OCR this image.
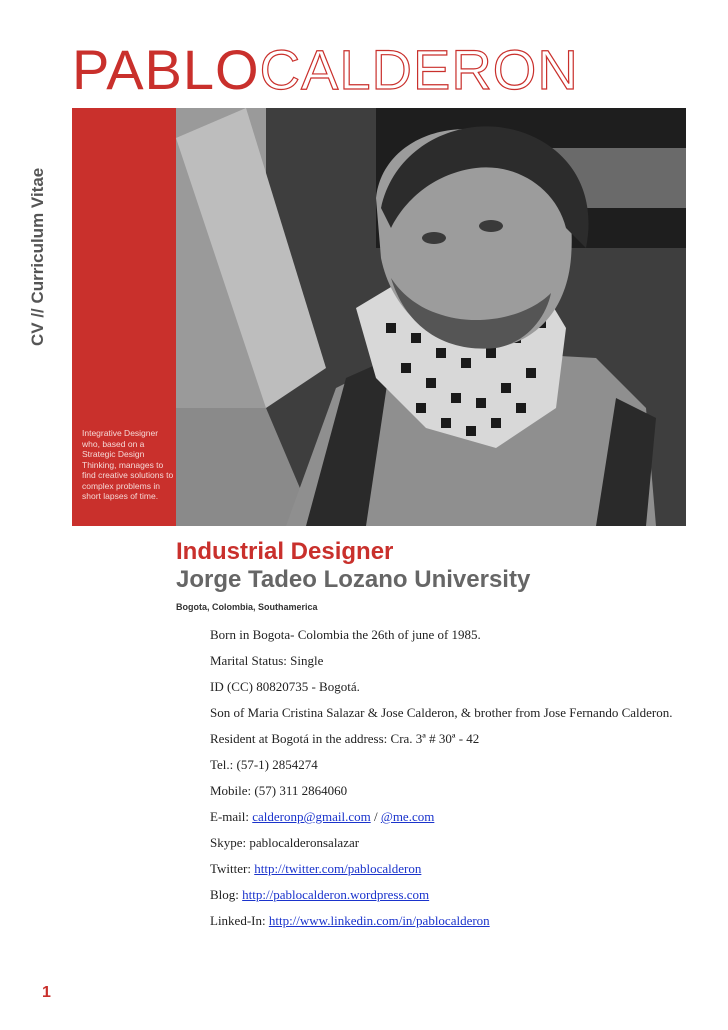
PABLOCALDERON
CV // Curriculum Vitae
Integrative Designer who, based on a Strategic Design Thinking, manages to find creative solutions to complex problems in short lapses of time.
Industrial Designer
Jorge Tadeo Lozano University
Bogota, Colombia, Southamerica
Born in Bogota- Colombia the 26th of june of 1985.
Marital Status: Single
ID (CC) 80820735 - Bogotá.
Son of Maria Cristina Salazar & Jose Calderon, & brother from Jose Fernando Calderon.
Resident at Bogotá in the address: Cra. 3ª # 30ª - 42
Tel.: (57-1) 2854274
Mobile: (57) 311 2864060
E-mail: calderonp@gmail.com / @me.com
Skype: pablocalderonsalazar
Twitter: http://twitter.com/pablocalderon
Blog: http://pablocalderon.wordpress.com
Linked-In: http://www.linkedin.com/in/pablocalderon
1
